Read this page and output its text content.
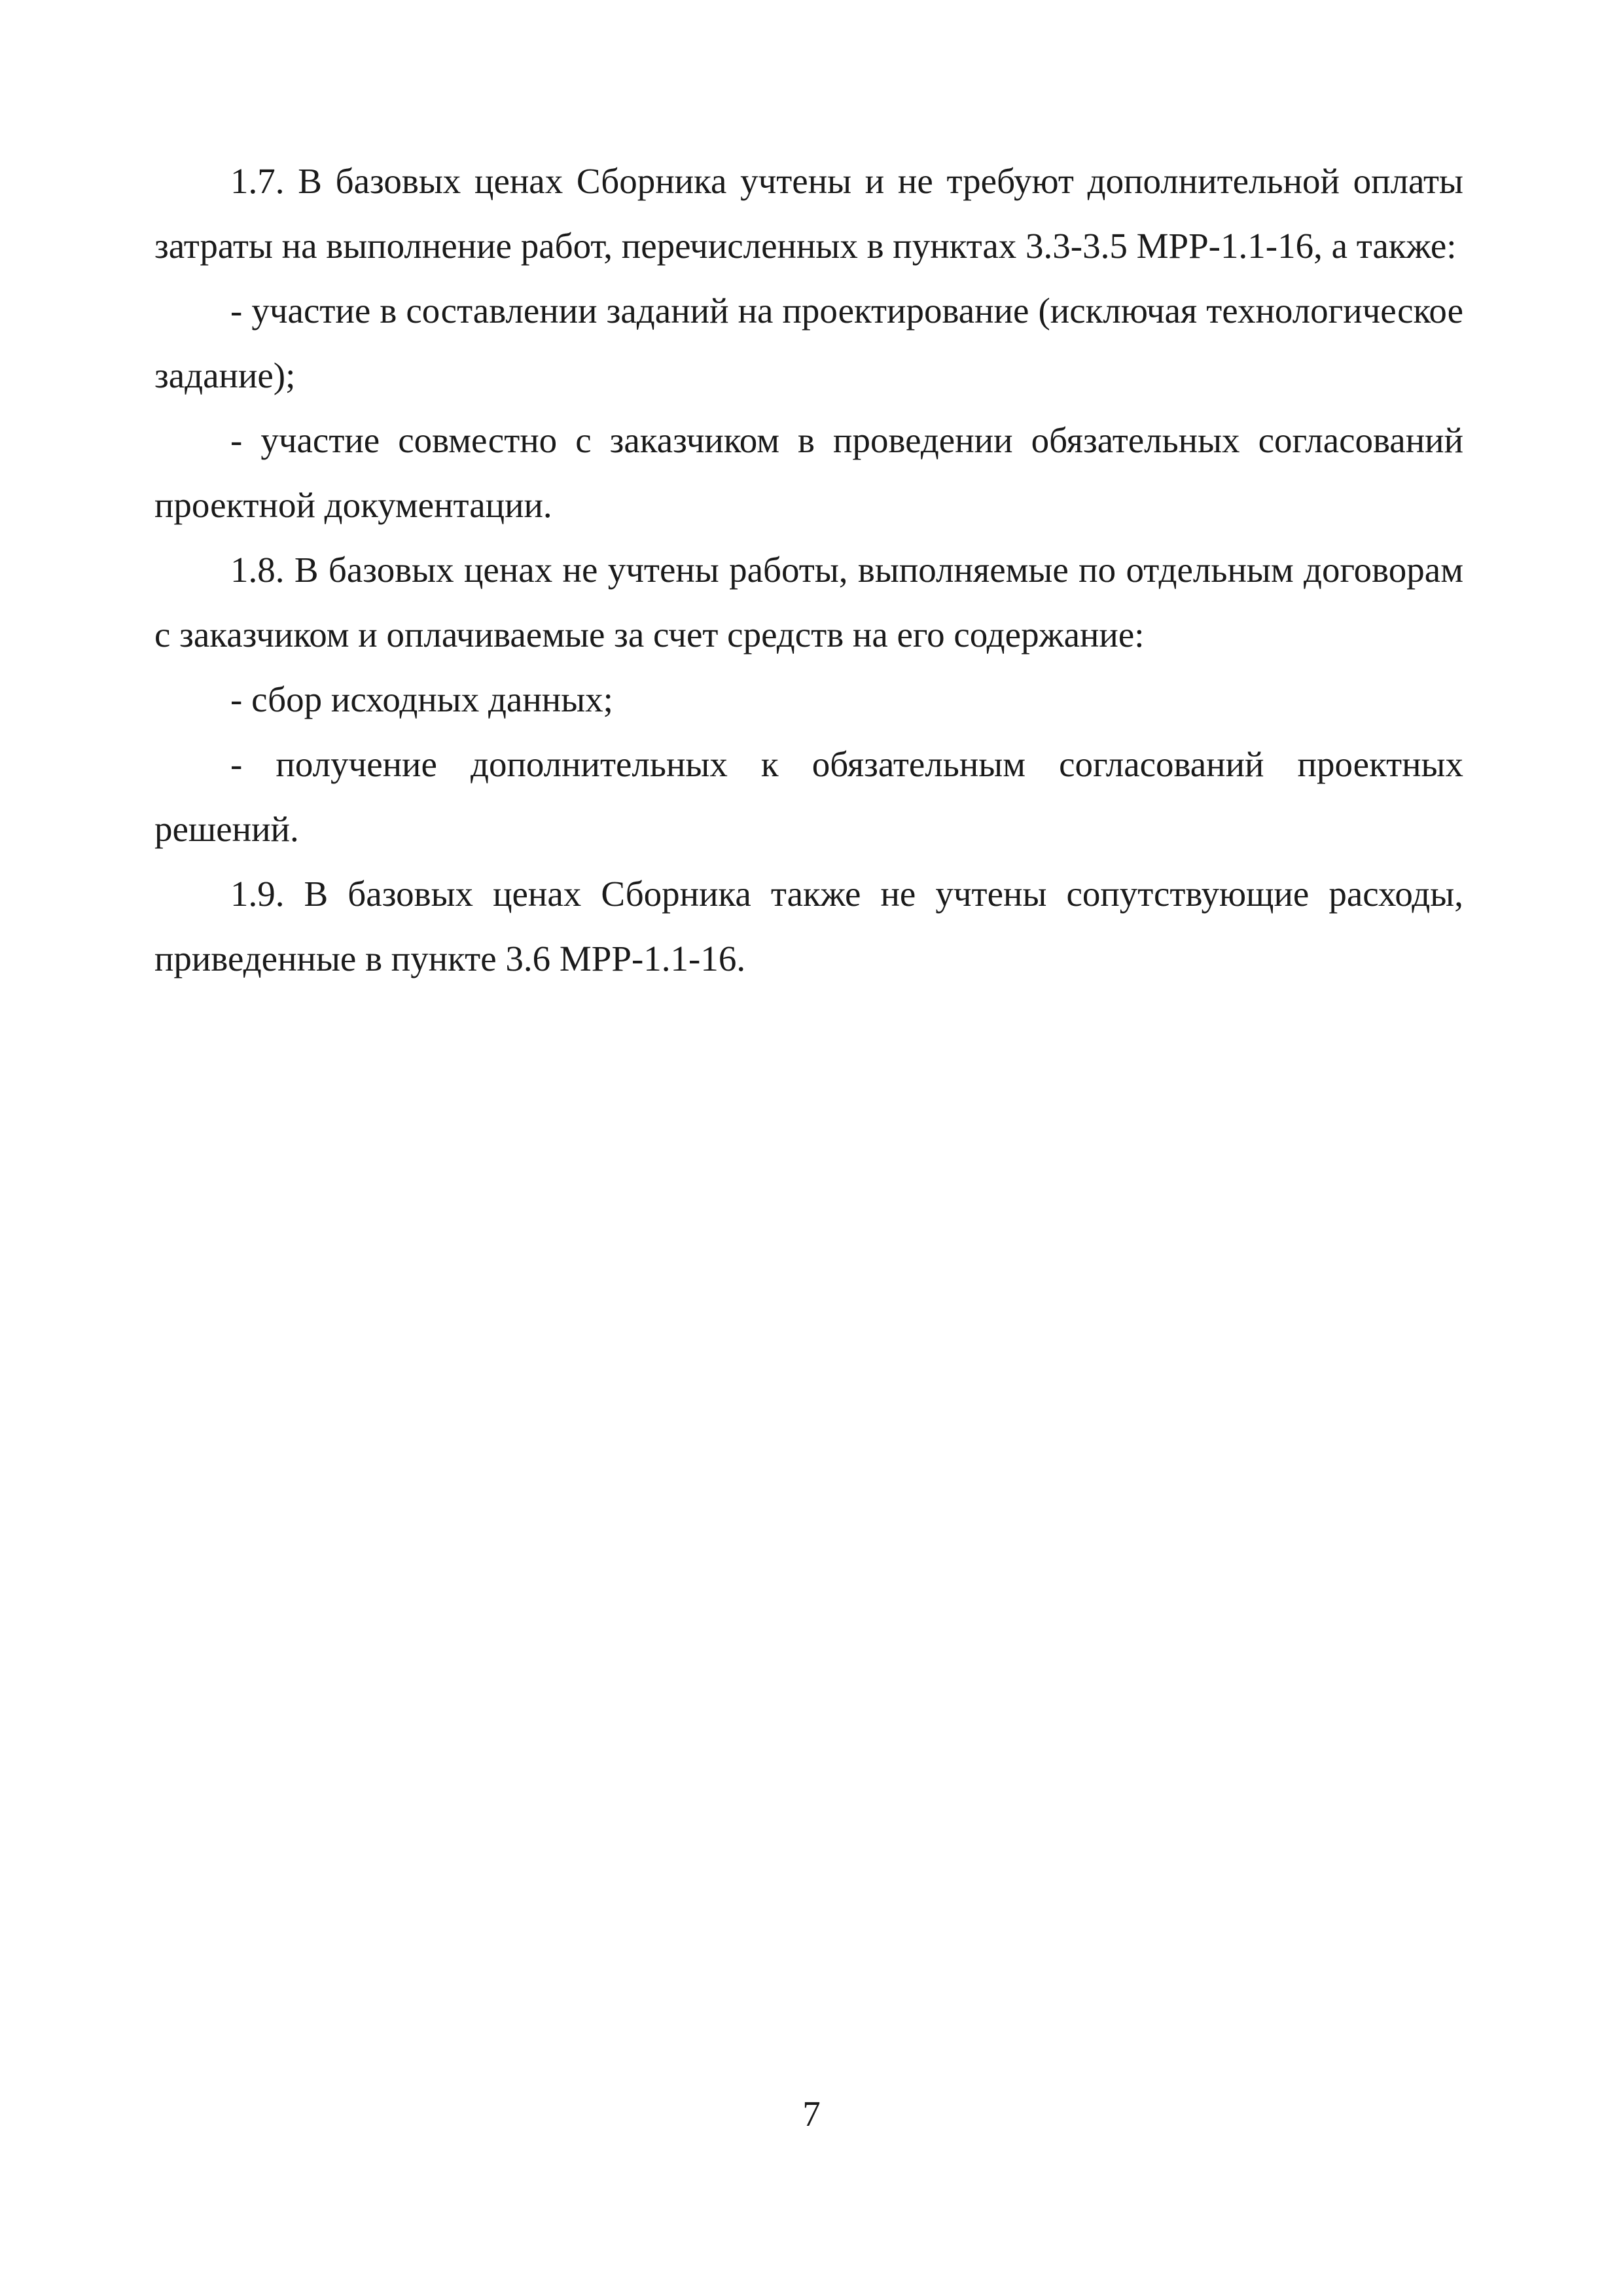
1.7. В базовых ценах Сборника учтены и не требуют дополнительной оплаты затраты на выполнение работ, перечисленных в пунктах 3.3-3.5 МРР-1.1-16, а также:

- участие в составлении заданий на проектирование (исключая технологическое задание);

- участие совместно с заказчиком в проведении обязательных согласований проектной документации.

1.8. В базовых ценах не учтены работы, выполняемые по отдельным договорам с заказчиком и оплачиваемые за счет средств на его содержание:

- сбор исходных данных;

- получение дополнительных к обязательным согласований проектных решений.

1.9. В базовых ценах Сборника также не учтены сопутствующие расходы, приведенные в пункте 3.6 МРР-1.1-16.

7
